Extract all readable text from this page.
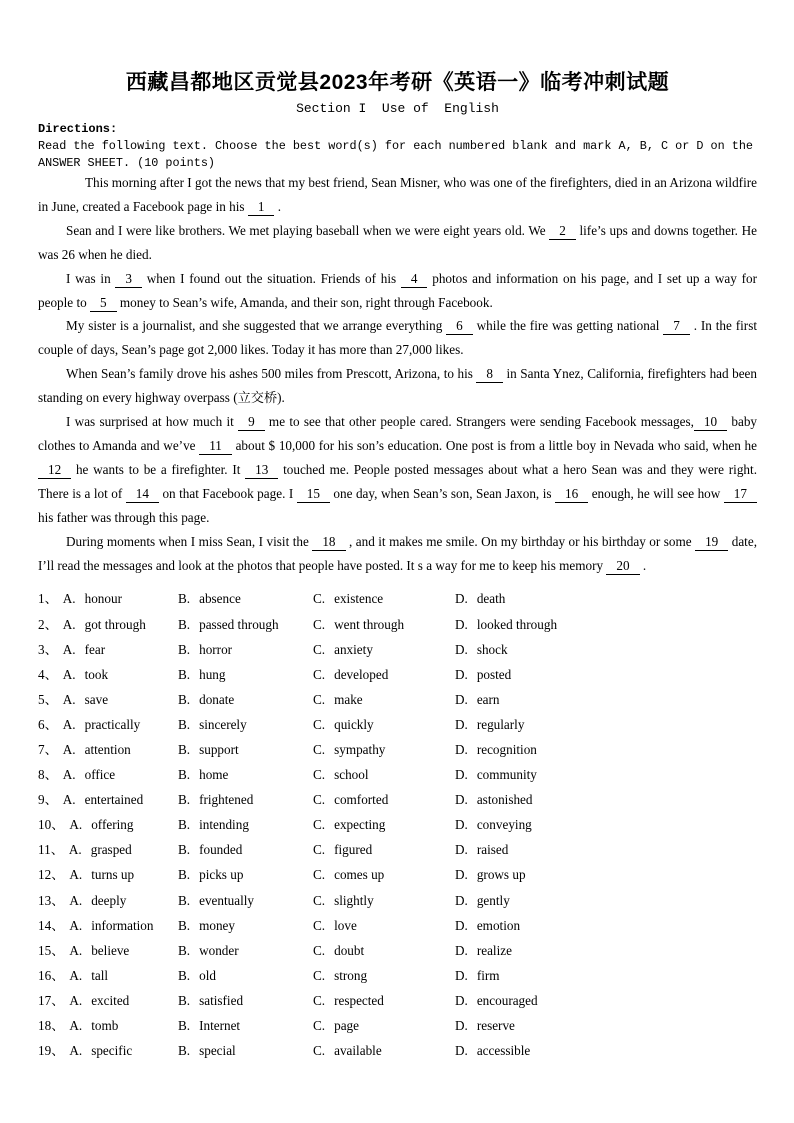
西藏昌都地区贡觉县2023年考研《英语一》临考冲刺试题
Section I  Use of  English
Directions:
Read the following text. Choose the best word(s) for each numbered blank and mark A, B, C or D on the
ANSWER SHEET. (10 points)

This morning after I got the news that my best friend, Sean Misner, who was one of the firefighters, died in an Arizona wildfire in June, created a Facebook page in his 1 .

Sean and I were like brothers. We met playing baseball when we were eight years old. We 2 life’s ups and downs together. He was 26 when he died.

I was in 3 when I found out the situation. Friends of his 4 photos and information on his page, and I set up a way for people to 5 money to Sean’s wife, Amanda, and their son, right through Facebook.

My sister is a journalist, and she suggested that we arrange everything 6 while the fire was getting national 7 . In the first couple of days, Sean’s page got 2,000 likes. Today it has more than 27,000 likes.

When Sean’s family drove his ashes 500 miles from Prescott, Arizona, to his 8 in Santa Ynez, California, firefighters had been standing on every highway overpass (立交桥).

I was surprised at how much it 9 me to see that other people cared. Strangers were sending Facebook messages, 10 baby clothes to Amanda and we’ve 11 about $ 10,000 for his son’s education. One post is from a little boy in Nevada who said, when he 12 he wants to be a firefighter. It 13 touched me. People posted messages about what a hero Sean was and they were right. There is a lot of 14 on that Facebook page. I 15 one day, when Sean’s son, Sean Jaxon, is 16 enough, he will see how 17 his father was through this page.

During moments when I miss Sean, I visit the 18 , and it makes me smile. On my birthday or his birthday or some 19 date, I’ll read the messages and look at the photos that people have posted. It s a way for me to keep his memory 20 .

1、 A. honour	B. absence	C. existence	D. death
2、 A. got through	B. passed through	C. went through	D. looked through
3、 A. fear	B. horror	C. anxiety	D. shock
4、 A. took	B. hung	C. developed	D. posted
5、 A. save	B. donate	C. make	D. earn
6、 A. practically	B. sincerely	C. quickly	D. regularly
7、 A. attention	B. support	C. sympathy	D. recognition
8、 A. office	B. home	C. school	D. community
9、 A. entertained	B. frightened	C. comforted	D. astonished
10、 A. offering	B. intending	C. expecting	D. conveying
11、 A. grasped	B. founded	C. figured	D. raised
12、 A. turns up	B. picks up	C. comes up	D. grows up
13、 A. deeply	B. eventually	C. slightly	D. gently
14、 A. information	B. money	C. love	D. emotion
15、 A. believe	B. wonder	C. doubt	D. realize
16、 A. tall	B. old	C. strong	D. firm
17、 A. excited	B. satisfied	C. respected	D. encouraged
18、 A. tomb	B. Internet	C. page	D. reserve
19、 A. specific	B. special	C. available	D. accessible
